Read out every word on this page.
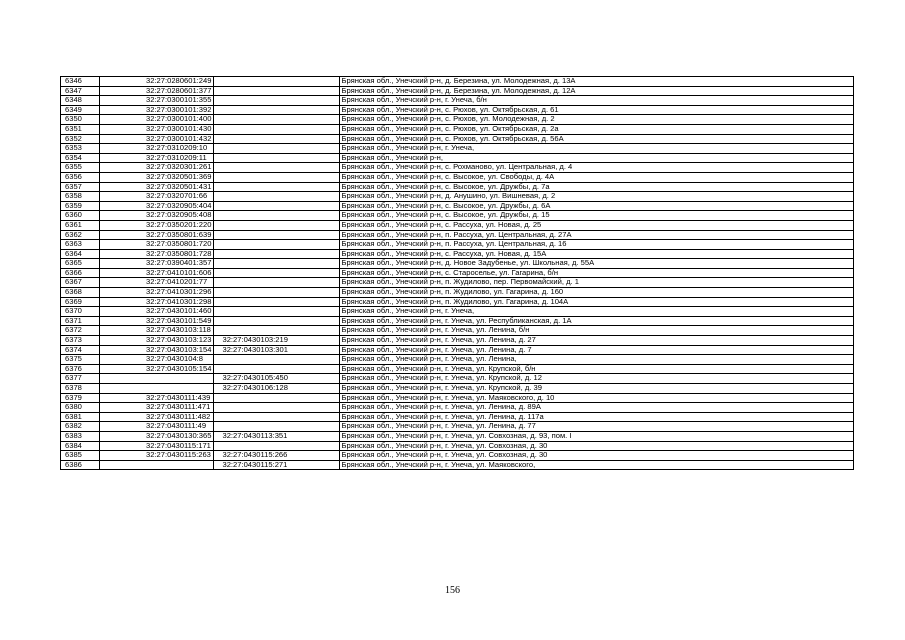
6346	32:27:0280601:249		Брянская обл., Унечский р-н, д. Березина, ул. Молодежная, д. 13А
6347	32:27:0280601:377		Брянская обл., Унечский р-н, д. Березина, ул. Молодежная, д. 12А
6348	32:27:0300101:355		Брянская обл., Унечский р-н, г. Унеча, б/н
6349	32:27:0300101:392		Брянская обл., Унечский р-н, с. Рюхов, ул. Октябрьская, д. 61
6350	32:27:0300101:400		Брянская обл., Унечский р-н, с. Рюхов, ул. Молодежная, д. 2
6351	32:27:0300101:430		Брянская обл., Унечский р-н, с. Рюхов, ул. Октябрьская, д. 2а
6352	32:27:0300101:432		Брянская обл., Унечский р-н, с. Рюхов, ул. Октябрьская, д. 56А
6353	32:27:0310209:10		Брянская обл., Унечский р-н, г. Унеча,
6354	32:27:0310209:11		Брянская обл., Унечский р-н,
6355	32:27:0320301:261		Брянская обл., Унечский р-н, с. Рохманово, ул. Центральная, д. 4
6356	32:27:0320501:369		Брянская обл., Унечский р-н, с. Высокое, ул. Свободы, д. 4А
6357	32:27:0320501:431		Брянская обл., Унечский р-н, с. Высокое, ул. Дружбы, д. 7а
6358	32:27:0320701:66		Брянская обл., Унечский р-н, д. Анушино, ул. Вишневая, д. 2
6359	32:27:0320905:404		Брянская обл., Унечский р-н, с. Высокое, ул. Дружбы, д. 6А
6360	32:27:0320905:408		Брянская обл., Унечский р-н, с. Высокое, ул. Дружбы, д. 15
6361	32:27:0350201:220		Брянская обл., Унечский р-н, с. Рассуха, ул. Новая, д. 25
6362	32:27:0350801:639		Брянская обл., Унечский р-н, п. Рассуха, ул. Центральная, д. 27А
6363	32:27:0350801:720		Брянская обл., Унечский р-н, п. Рассуха, ул. Центральная, д. 16
6364	32:27:0350801:728		Брянская обл., Унечский р-н, с. Рассуха, ул. Новая, д. 15А
6365	32:27:0390401:357		Брянская обл., Унечский р-н, д. Новое Задубенье, ул. Школьная, д. 55А
6366	32:27:0410101:606		Брянская обл., Унечский р-н, с. Староселье, ул. Гагарина, б/н
6367	32:27:0410201:77		Брянская обл., Унечский р-н, п. Жудилово, пер. Первомайский, д. 1
6368	32:27:0410301:296		Брянская обл., Унечский р-н, п. Жудилово, ул. Гагарина, д. 160
6369	32:27:0410301:298		Брянская обл., Унечский р-н, п. Жудилово, ул. Гагарина, д. 104А
6370	32:27:0430101:460		Брянская обл., Унечский р-н, г. Унеча,
6371	32:27:0430101:549		Брянская обл., Унечский р-н, г. Унеча, ул. Республиканская, д. 1А
6372	32:27:0430103:118		Брянская обл., Унечский р-н, г. Унеча, ул. Ленина, б/н
6373	32:27:0430103:123	32:27:0430103:219	Брянская обл., Унечский р-н, г. Унеча, ул. Ленина, д. 27
6374	32:27:0430103:154	32:27:0430103:301	Брянская обл., Унечский р-н, г. Унеча, ул. Ленина, д. 7
6375	32:27:0430104:8		Брянская обл., Унечский р-н, г. Унеча, ул. Ленина,
6376	32:27:0430105:154		Брянская обл., Унечский р-н, г. Унеча, ул. Крупской, б/н
6377		32:27:0430105:450	Брянская обл., Унечский р-н, г. Унеча, ул. Крупской, д. 12
6378		32:27:0430106:128	Брянская обл., Унечский р-н, г. Унеча, ул. Крупской, д. 39
6379	32:27:0430111:439		Брянская обл., Унечский р-н, г. Унеча, ул. Маяковского, д. 10
6380	32:27:0430111:471		Брянская обл., Унечский р-н, г. Унеча, ул. Ленина, д. 89А
6381	32:27:0430111:482		Брянская обл., Унечский р-н, г. Унеча, ул. Ленина, д. 117а
6382	32:27:0430111:49		Брянская обл., Унечский р-н, г. Унеча, ул. Ленина, д. 77
6383	32:27:0430130:365	32:27:0430113:351	Брянская обл., Унечский р-н, г. Унеча, ул. Совхозная, д. 93, пом. I
6384	32:27:0430115:171		Брянская обл., Унечский р-н, г. Унеча, ул. Совхозная, д. 30
6385	32:27:0430115:263	32:27:0430115:266	Брянская обл., Унечский р-н, г. Унеча, ул. Совхозная, д. 30
6386		32:27:0430115:271	Брянская обл., Унечский р-н, г. Унеча, ул. Маяковского,
156
